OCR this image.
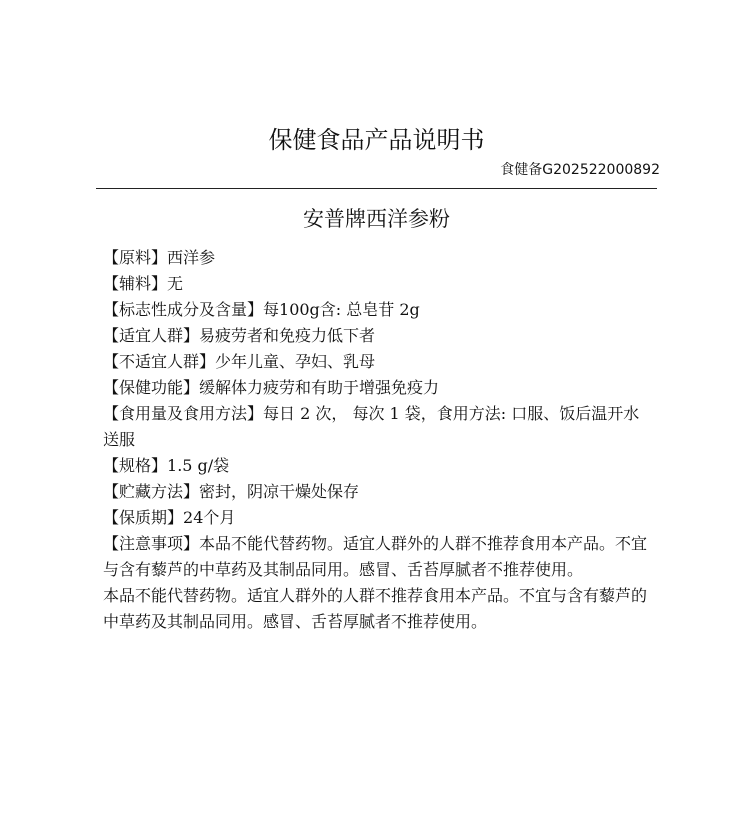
保健食品产品说明书
食健备G202522000892
安普牌西洋参粉

【原料】西洋参

【辅料】无

【标志性成分及含量】每100g含: 总皂苷 2g

【适宜人群】易疲劳者和免疫力低下者

【不适宜人群】少年儿童、孕妇、乳母

【保健功能】缓解体力疲劳和有助于增强免疫力

【食用量及食用方法】每日 2 次， 每次 1 袋，食用方法: 口服、饭后温开水送服

【规格】1.5 g/袋

【贮藏方法】密封，阴凉干燥处保存

【保质期】24个月

【注意事项】本品不能代替药物。适宜人群外的人群不推荐食用本产品。不宜与含有藜芦的中草药及其制品同用。感冒、舌苔厚腻者不推荐使用。

本品不能代替药物。适宜人群外的人群不推荐食用本产品。不宜与含有藜芦的中草药及其制品同用。感冒、舌苔厚腻者不推荐使用。
